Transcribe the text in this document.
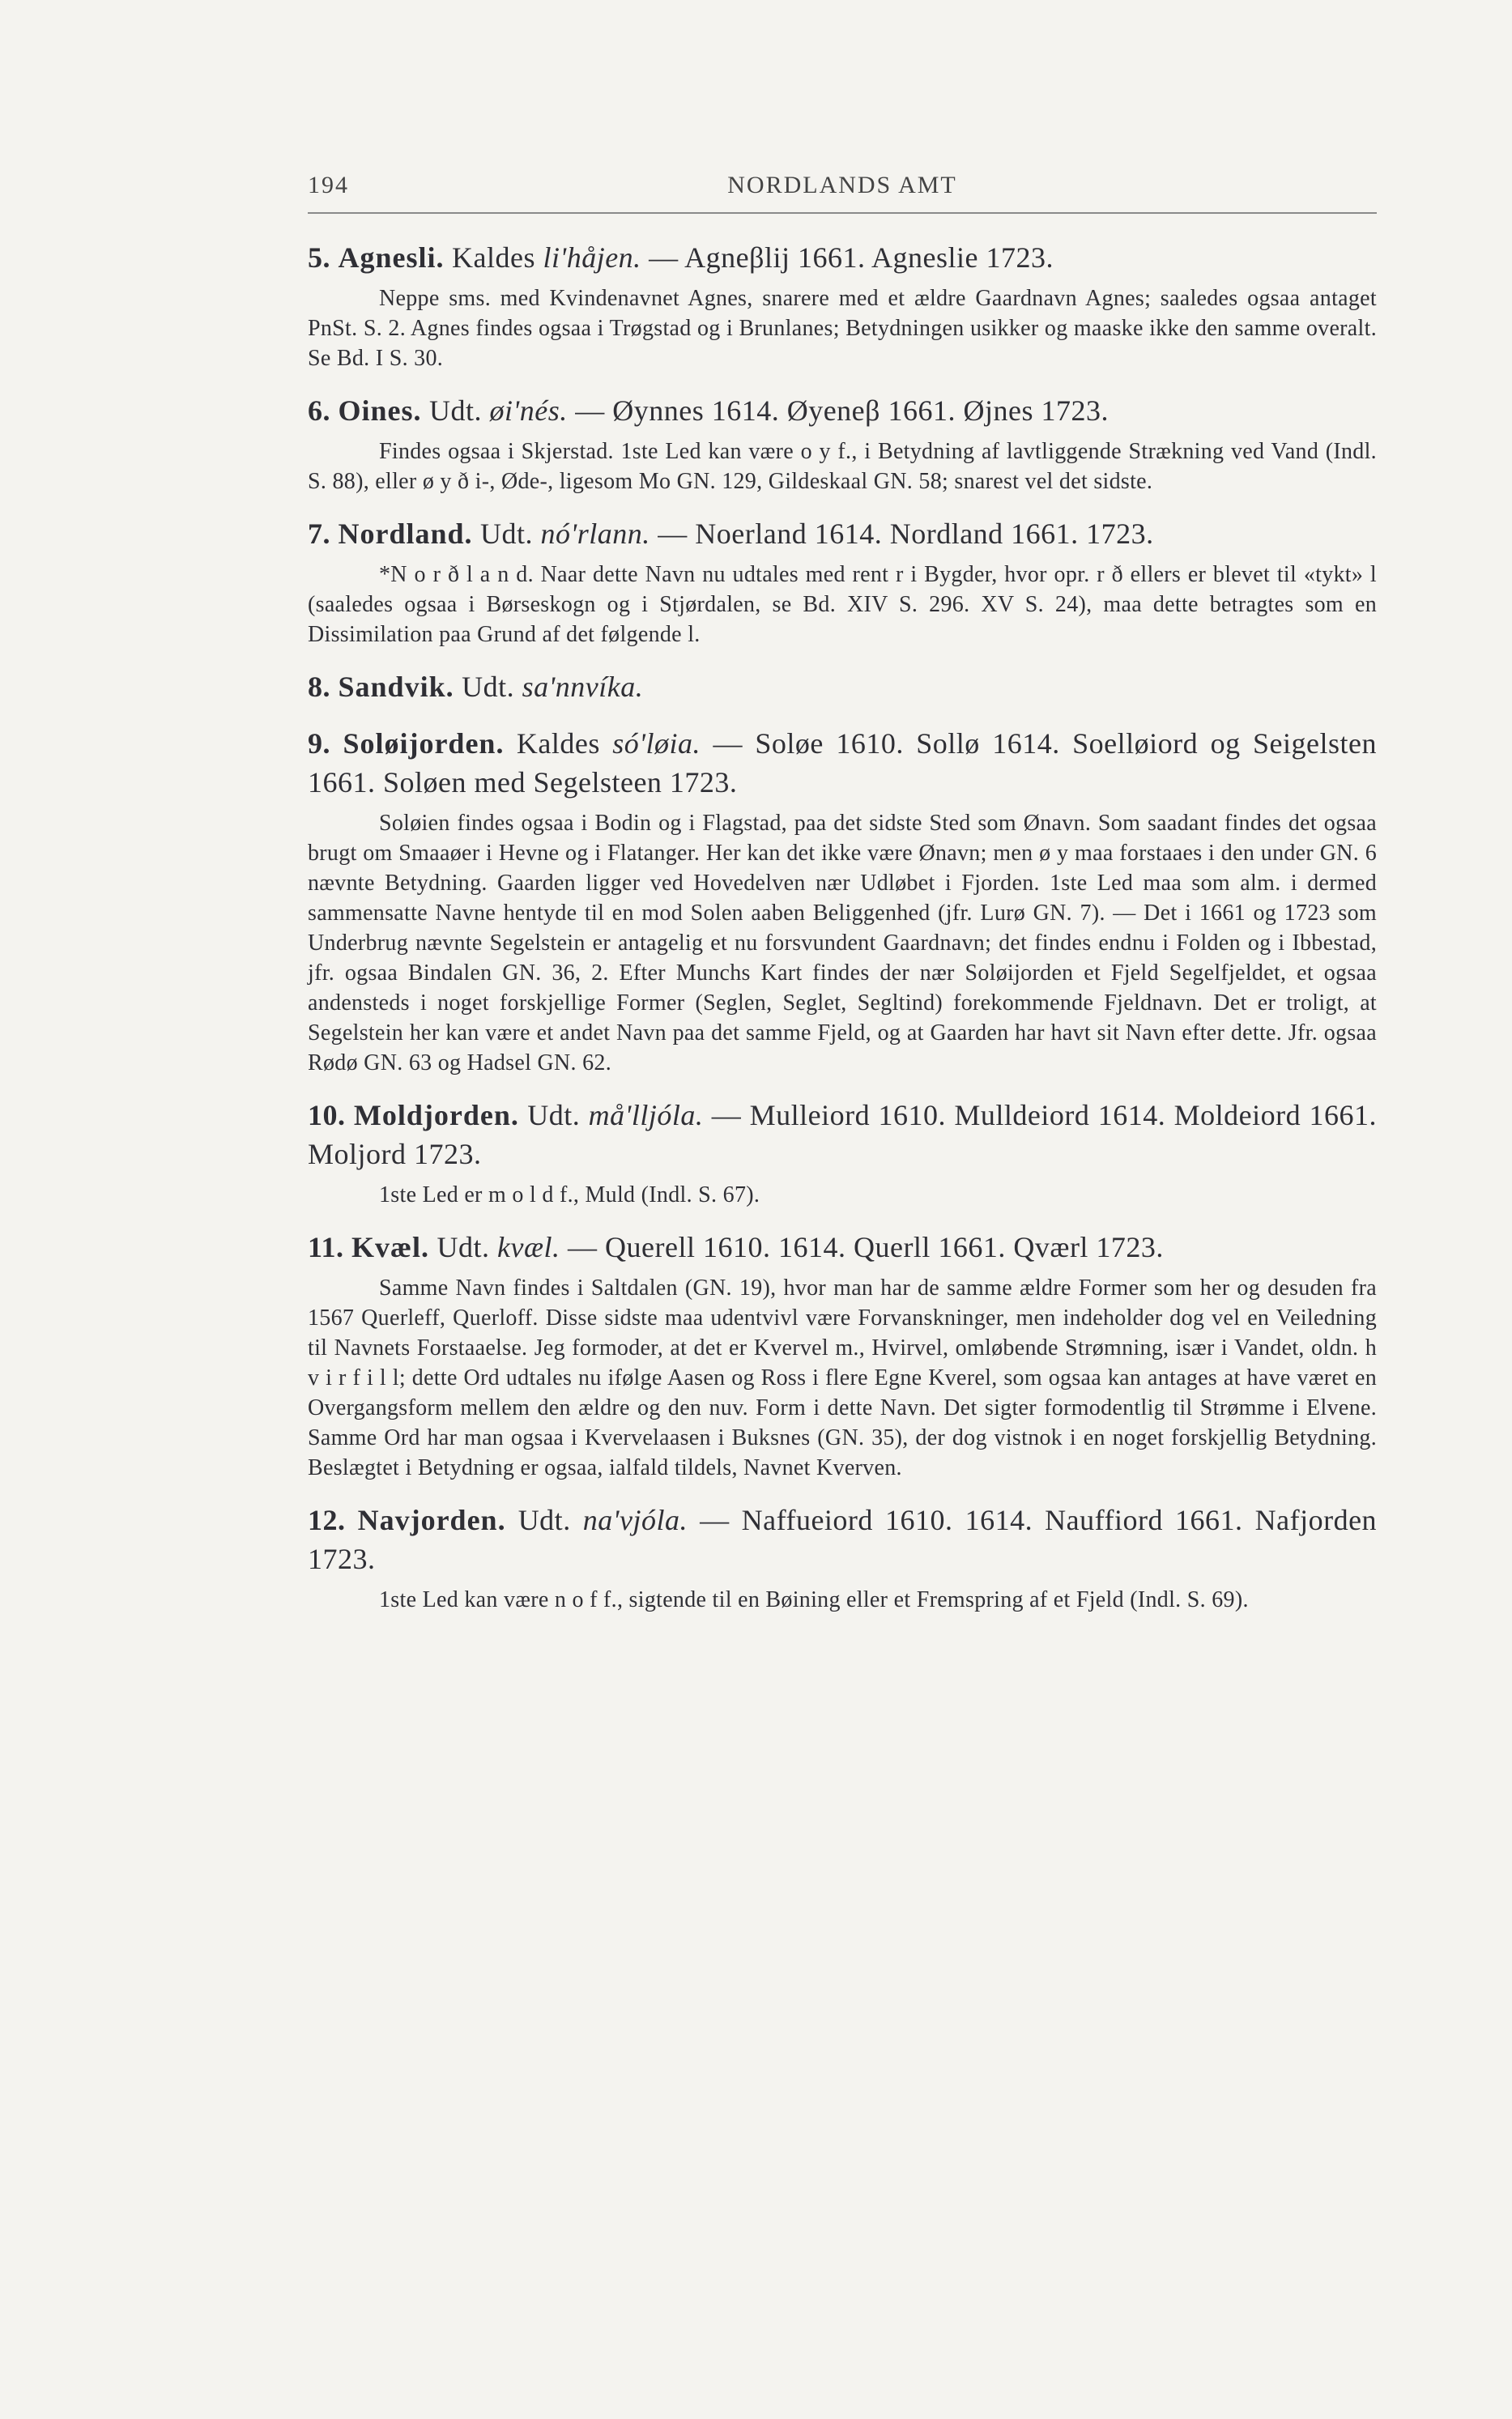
194	NORDLANDS AMT
5. Agnesli. Kaldes li'håjen. — Agneβlij 1661. Agneslie 1723.

Neppe sms. med Kvindenavnet Agnes, snarere med et ældre Gaardnavn Agnes; saaledes ogsaa antaget PnSt. S. 2. Agnes findes ogsaa i Trøgstad og i Brunlanes; Betydningen usikker og maaske ikke den samme overalt. Se Bd. I S. 30.

6. Oines. Udt. øi'nés. — Øynnes 1614. Øyeneβ 1661. Øjnes 1723.

Findes ogsaa i Skjerstad. 1ste Led kan være o y f., i Betydning af lavtliggende Strækning ved Vand (Indl. S. 88), eller ø y ð i-, Øde-, ligesom Mo GN. 129, Gildeskaal GN. 58; snarest vel det sidste.

7. Nordland. Udt. nó'rlann. — Noerland 1614. Nordland 1661. 1723.

*N o r ð l a n d. Naar dette Navn nu udtales med rent r i Bygder, hvor opr. r ð ellers er blevet til «tykt» l (saaledes ogsaa i Børseskogn og i Stjørdalen, se Bd. XIV S. 296. XV S. 24), maa dette betragtes som en Dissimilation paa Grund af det følgende l.

8. Sandvik. Udt. sa'nnvíka.
9. Soløijorden. Kaldes só'løia. — Soløe 1610. Sollø 1614. Soelløiord og Seigelsten 1661. Soløen med Segelsteen 1723.

Soløien findes ogsaa i Bodin og i Flagstad, paa det sidste Sted som Ønavn. Som saadant findes det ogsaa brugt om Smaaøer i Hevne og i Flatanger. Her kan det ikke være Ønavn; men ø y maa forstaaes i den under GN. 6 nævnte Betydning. Gaarden ligger ved Hovedelven nær Udløbet i Fjorden. 1ste Led maa som alm. i dermed sammensatte Navne hentyde til en mod Solen aaben Beliggenhed (jfr. Lurø GN. 7). — Det i 1661 og 1723 som Underbrug nævnte Segelstein er antagelig et nu forsvundent Gaardnavn; det findes endnu i Folden og i Ibbestad, jfr. ogsaa Bindalen GN. 36, 2. Efter Munchs Kart findes der nær Soløijorden et Fjeld Segelfjeldet, et ogsaa andensteds i noget forskjellige Former (Seglen, Seglet, Segltind) forekommende Fjeldnavn. Det er troligt, at Segelstein her kan være et andet Navn paa det samme Fjeld, og at Gaarden har havt sit Navn efter dette. Jfr. ogsaa Rødø GN. 63 og Hadsel GN. 62.

10. Moldjorden. Udt. må'lljóla. — Mulleiord 1610. Mulldeiord 1614. Moldeiord 1661. Moljord 1723.

1ste Led er m o l d f., Muld (Indl. S. 67).

11. Kvæl. Udt. kvæl. — Querell 1610. 1614. Querll 1661. Qværl 1723.

Samme Navn findes i Saltdalen (GN. 19), hvor man har de samme ældre Former som her og desuden fra 1567 Querleff, Querloff. Disse sidste maa udentvivl være Forvanskninger, men indeholder dog vel en Veiledning til Navnets Forstaaelse. Jeg formoder, at det er Kvervel m., Hvirvel, omløbende Strømning, især i Vandet, oldn. h v i r f i l l; dette Ord udtales nu ifølge Aasen og Ross i flere Egne Kverel, som ogsaa kan antages at have været en Overgangsform mellem den ældre og den nuv. Form i dette Navn. Det sigter formodentlig til Strømme i Elvene. Samme Ord har man ogsaa i Kvervelaasen i Buksnes (GN. 35), der dog vistnok i en noget forskjellig Betydning. Beslægtet i Betydning er ogsaa, ialfald tildels, Navnet Kverven.

12. Navjorden. Udt. na'vjóla. — Naffueiord 1610. 1614. Nauffiord 1661. Nafjorden 1723.

1ste Led kan være n o f f., sigtende til en Bøining eller et Fremspring af et Fjeld (Indl. S. 69).
